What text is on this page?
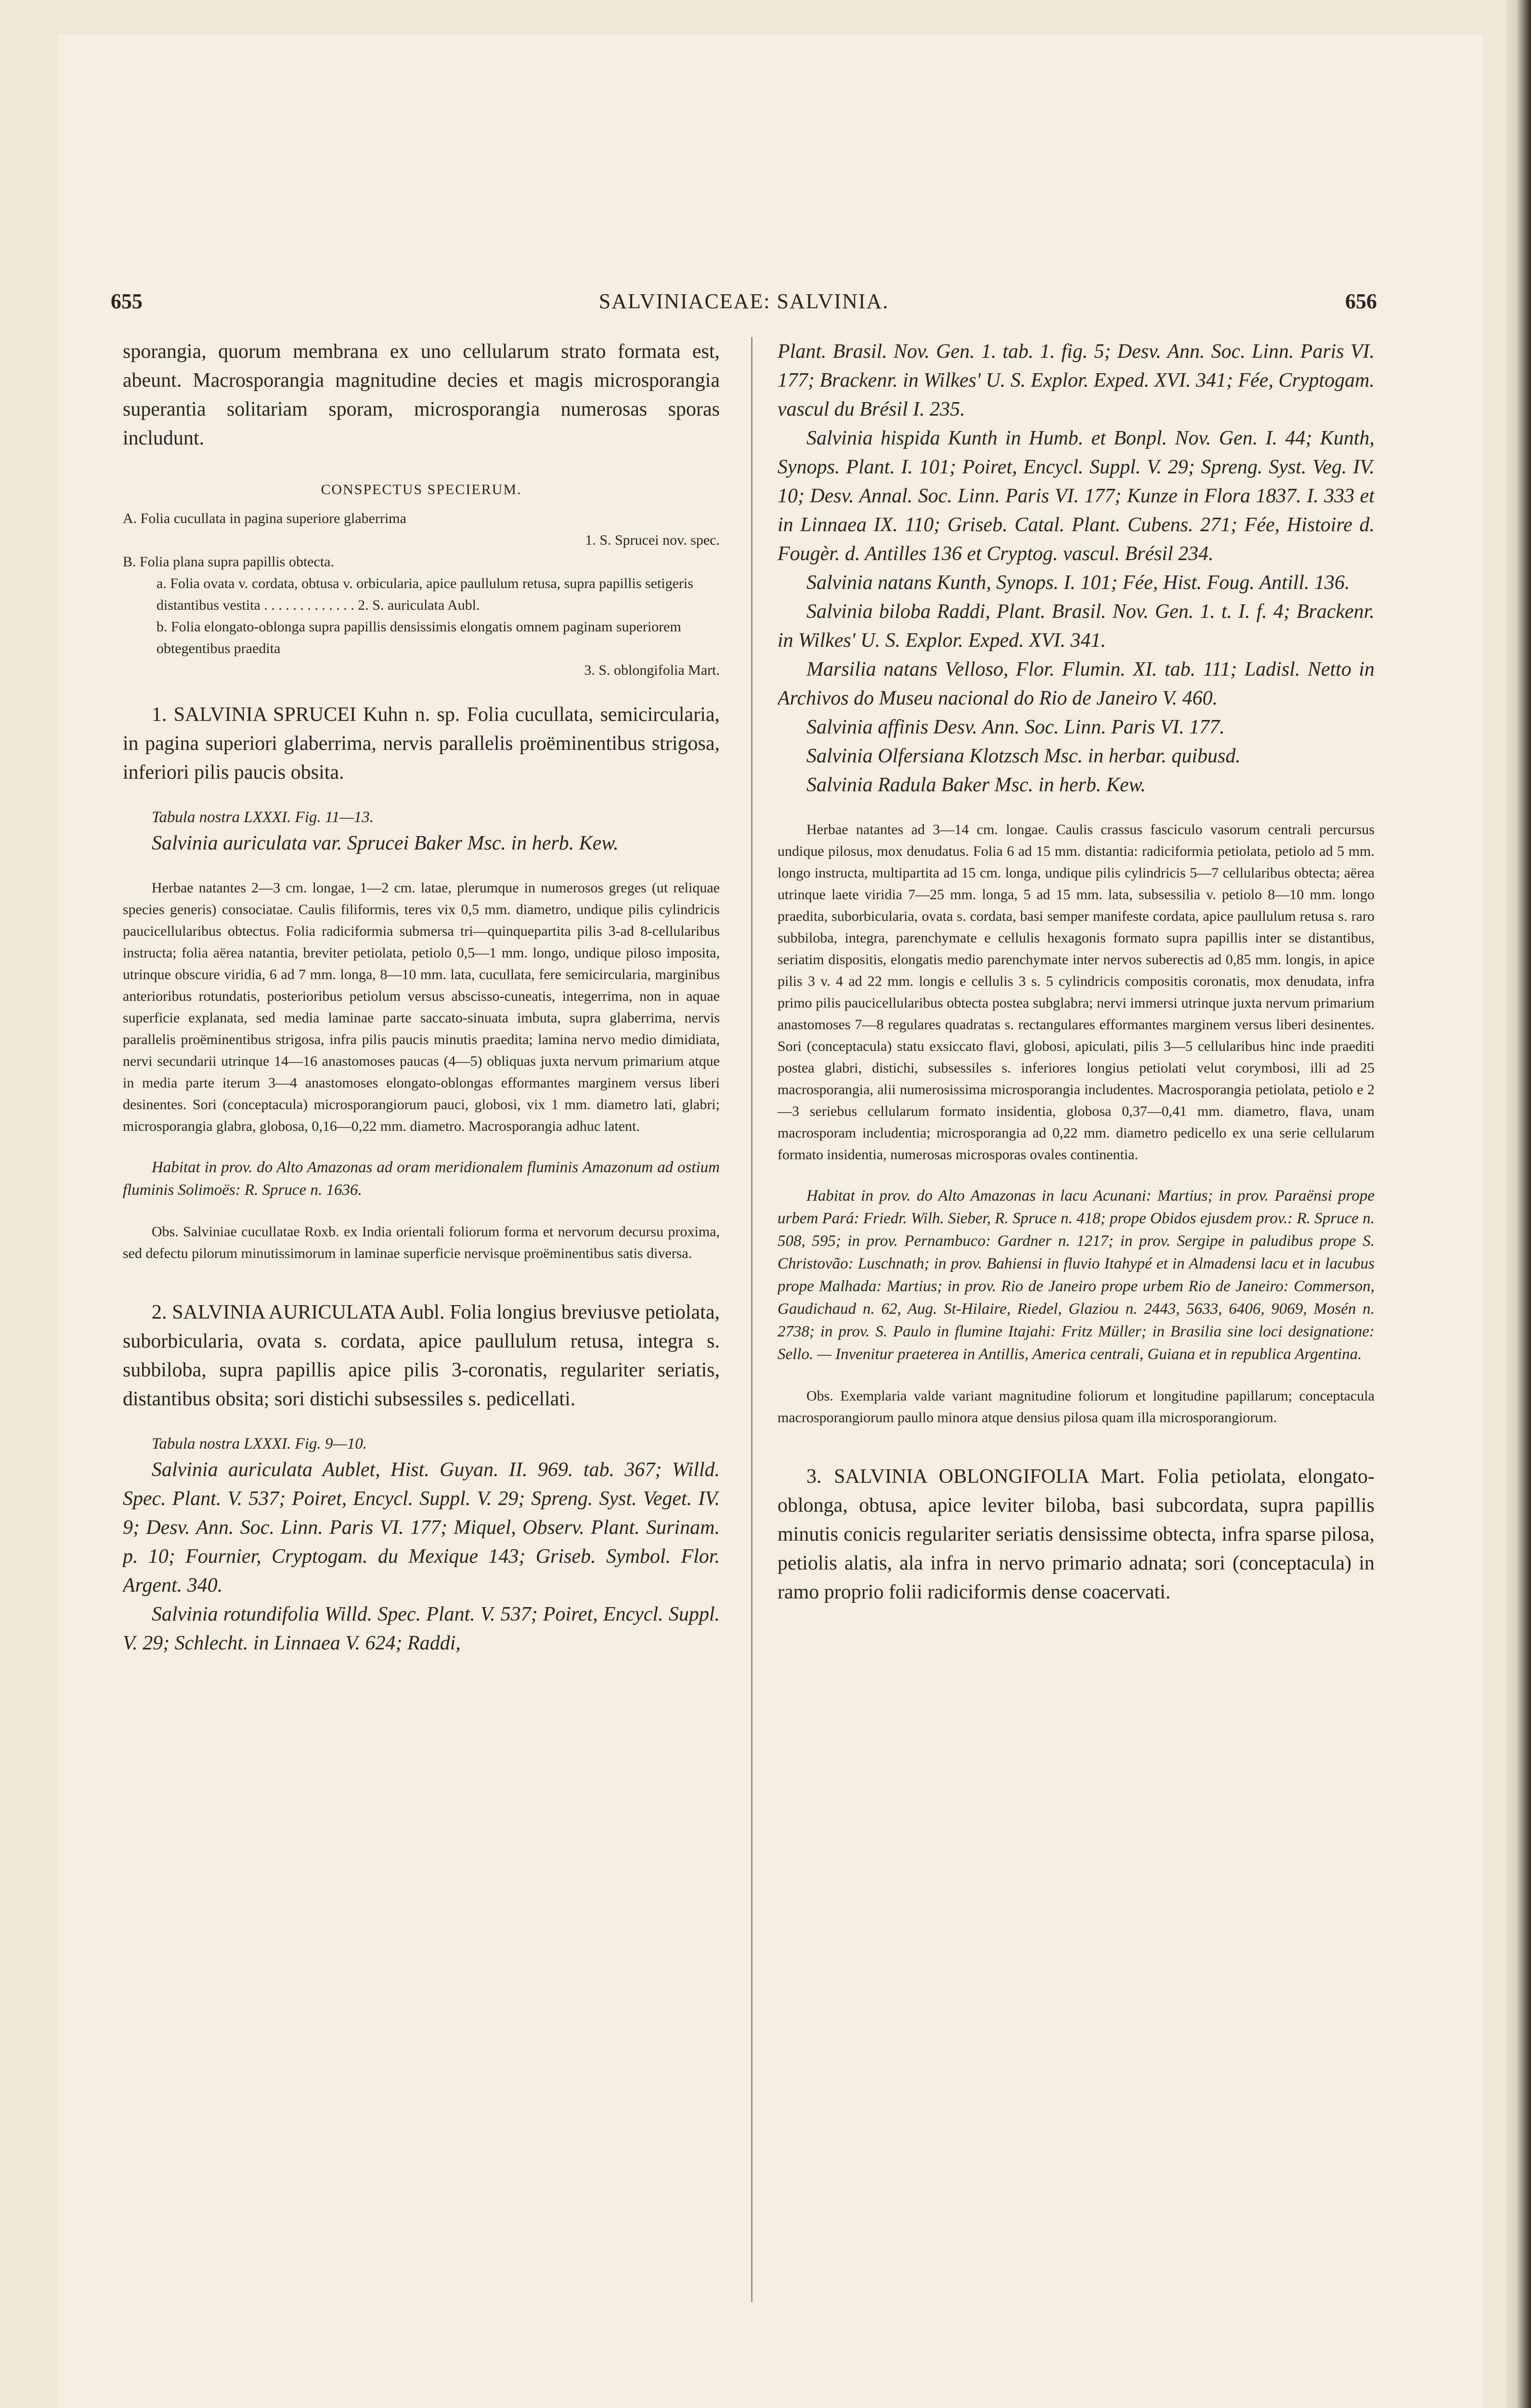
655	SALVINIACEAE: SALVINIA.	656

sporangia, quorum membrana ex uno cellularum strato formata est, abeunt. Macrosporangia magnitudine decies et magis microsporangia superantia solitariam sporam, microsporangia numerosas sporas includunt.

CONSPECTUS SPECIERUM.

A. Folia cucullata in pagina superiore glaberrima

1. S. Sprucei nov. spec.

B. Folia plana supra papillis obtecta.

a. Folia ovata v. cordata, obtusa v. orbicularia, apice paullulum retusa, supra papillis setigeris distantibus vestita . . . . . . . . . . . . . 2. S. auriculata Aubl.

b. Folia elongato-oblonga supra papillis densissimis elongatis omnem paginam superiorem obtegentibus praedita

3. S. oblongifolia Mart.

1. SALVINIA SPRUCEI Kuhn n. sp. Folia cucullata, semicircularia, in pagina superiori glaberrima, nervis parallelis proëminentibus strigosa, inferiori pilis paucis obsita.

Tabula nostra LXXXI. Fig. 11—13.

Salvinia auriculata var. Sprucei Baker Msc. in herb. Kew.

Herbae natantes 2—3 cm. longae, 1—2 cm. latae, plerumque in numerosos greges (ut reliquae species generis) consociatae. Caulis filiformis, teres vix 0,5 mm. diametro, undique pilis cylindricis paucicellularibus obtectus. Folia radiciformia submersa tri—quinquepartita pilis 3-ad 8-cellularibus instructa; folia aërea natantia, breviter petiolata, petiolo 0,5—1 mm. longo, undique piloso imposita, utrinque obscure viridia, 6 ad 7 mm. longa, 8—10 mm. lata, cucullata, fere semicircularia, marginibus anterioribus rotundatis, posterioribus petiolum versus abscisso-cuneatis, integerrima, non in aquae superficie explanata, sed media laminae parte saccato-sinuata imbuta, supra glaberrima, nervis parallelis proëminentibus strigosa, infra pilis paucis minutis praedita; lamina nervo medio dimidiata, nervi secundarii utrinque 14—16 anastomoses paucas (4—5) obliquas juxta nervum primarium atque in media parte iterum 3—4 anastomoses elongato-oblongas efformantes marginem versus liberi desinentes. Sori (conceptacula) microsporangiorum pauci, globosi, vix 1 mm. diametro lati, glabri; microsporangia glabra, globosa, 0,16—0,22 mm. diametro. Macrosporangia adhuc latent.

Habitat in prov. do Alto Amazonas ad oram meridionalem fluminis Amazonum ad ostium fluminis Solimoës: R. Spruce n. 1636.

Obs. Salviniae cucullatae Roxb. ex India orientali foliorum forma et nervorum decursu proxima, sed defectu pilorum minutissimorum in laminae superficie nervisque proëminentibus satis diversa.

2. SALVINIA AURICULATA Aubl. Folia longius breviusve petiolata, suborbicularia, ovata s. cordata, apice paullulum retusa, integra s. subbiloba, supra papillis apice pilis 3-coronatis, regulariter seriatis, distantibus obsita; sori distichi subsessiles s. pedicellati.

Tabula nostra LXXXI. Fig. 9—10.

Salvinia auriculata Aublet, Hist. Guyan. II. 969. tab. 367; Willd. Spec. Plant. V. 537; Poiret, Encycl. Suppl. V. 29; Spreng. Syst. Veget. IV. 9; Desv. Ann. Soc. Linn. Paris VI. 177; Miquel, Observ. Plant. Surinam. p. 10; Fournier, Cryptogam. du Mexique 143; Griseb. Symbol. Flor. Argent. 340.

Salvinia rotundifolia Willd. Spec. Plant. V. 537; Poiret, Encycl. Suppl. V. 29; Schlecht. in Linnaea V. 624; Raddi,

Plant. Brasil. Nov. Gen. 1. tab. 1. fig. 5; Desv. Ann. Soc. Linn. Paris VI. 177; Brackenr. in Wilkes' U. S. Explor. Exped. XVI. 341; Fée, Cryptogam. vascul du Brésil I. 235.

Salvinia hispida Kunth in Humb. et Bonpl. Nov. Gen. I. 44; Kunth, Synops. Plant. I. 101; Poiret, Encycl. Suppl. V. 29; Spreng. Syst. Veg. IV. 10; Desv. Annal. Soc. Linn. Paris VI. 177; Kunze in Flora 1837. I. 333 et in Linnaea IX. 110; Griseb. Catal. Plant. Cubens. 271; Fée, Histoire d. Fougèr. d. Antilles 136 et Cryptog. vascul. Brésil 234.

Salvinia natans Kunth, Synops. I. 101; Fée, Hist. Foug. Antill. 136.

Salvinia biloba Raddi, Plant. Brasil. Nov. Gen. 1. t. I. f. 4; Brackenr. in Wilkes' U. S. Explor. Exped. XVI. 341.

Marsilia natans Velloso, Flor. Flumin. XI. tab. 111; Ladisl. Netto in Archivos do Museu nacional do Rio de Janeiro V. 460.

Salvinia affinis Desv. Ann. Soc. Linn. Paris VI. 177.

Salvinia Olfersiana Klotzsch Msc. in herbar. quibusd.

Salvinia Radula Baker Msc. in herb. Kew.

Herbae natantes ad 3—14 cm. longae. Caulis crassus fasciculo vasorum centrali percursus undique pilosus, mox denudatus. Folia 6 ad 15 mm. distantia: radiciformia petiolata, petiolo ad 5 mm. longo instructa, multipartita ad 15 cm. longa, undique pilis cylindricis 5—7 cellularibus obtecta; aërea utrinque laete viridia 7—25 mm. longa, 5 ad 15 mm. lata, subsessilia v. petiolo 8—10 mm. longo praedita, suborbicularia, ovata s. cordata, basi semper manifeste cordata, apice paullulum retusa s. raro subbiloba, integra, parenchymate e cellulis hexagonis formato supra papillis inter se distantibus, seriatim dispositis, elongatis medio parenchymate inter nervos suberectis ad 0,85 mm. longis, in apice pilis 3 v. 4 ad 22 mm. longis e cellulis 3 s. 5 cylindricis compositis coronatis, mox denudata, infra primo pilis paucicellularibus obtecta postea subglabra; nervi immersi utrinque juxta nervum primarium anastomoses 7—8 regulares quadratas s. rectangulares efformantes marginem versus liberi desinentes. Sori (conceptacula) statu exsiccato flavi, globosi, apiculati, pilis 3—5 cellularibus hinc inde praediti postea glabri, distichi, subsessiles s. inferiores longius petiolati velut corymbosi, illi ad 25 macrosporangia, alii numerosissima microsporangia includentes. Macrosporangia petiolata, petiolo e 2—3 seriebus cellularum formato insidentia, globosa 0,37—0,41 mm. diametro, flava, unam macrosporam includentia; microsporangia ad 0,22 mm. diametro pedicello ex una serie cellularum formato insidentia, numerosas microsporas ovales continentia.

Habitat in prov. do Alto Amazonas in lacu Acunani: Martius; in prov. Paraënsi prope urbem Pará: Friedr. Wilh. Sieber, R. Spruce n. 418; prope Obidos ejusdem prov.: R. Spruce n. 508, 595; in prov. Pernambuco: Gardner n. 1217; in prov. Sergipe in paludibus prope S. Christovão: Luschnath; in prov. Bahiensi in fluvio Itahypé et in Almadensi lacu et in lacubus prope Malhada: Martius; in prov. Rio de Janeiro prope urbem Rio de Janeiro: Commerson, Gaudichaud n. 62, Aug. St-Hilaire, Riedel, Glaziou n. 2443, 5633, 6406, 9069, Mosén n. 2738; in prov. S. Paulo in flumine Itajahi: Fritz Müller; in Brasilia sine loci designatione: Sello. — Invenitur praeterea in Antillis, America centrali, Guiana et in republica Argentina.

Obs. Exemplaria valde variant magnitudine foliorum et longitudine papillarum; conceptacula macrosporangiorum paullo minora atque densius pilosa quam illa microsporangiorum.

3. SALVINIA OBLONGIFOLIA Mart. Folia petiolata, elongato-oblonga, obtusa, apice leviter biloba, basi subcordata, supra papillis minutis conicis regulariter seriatis densissime obtecta, infra sparse pilosa, petiolis alatis, ala infra in nervo primario adnata; sori (conceptacula) in ramo proprio folii radiciformis dense coacervati.
